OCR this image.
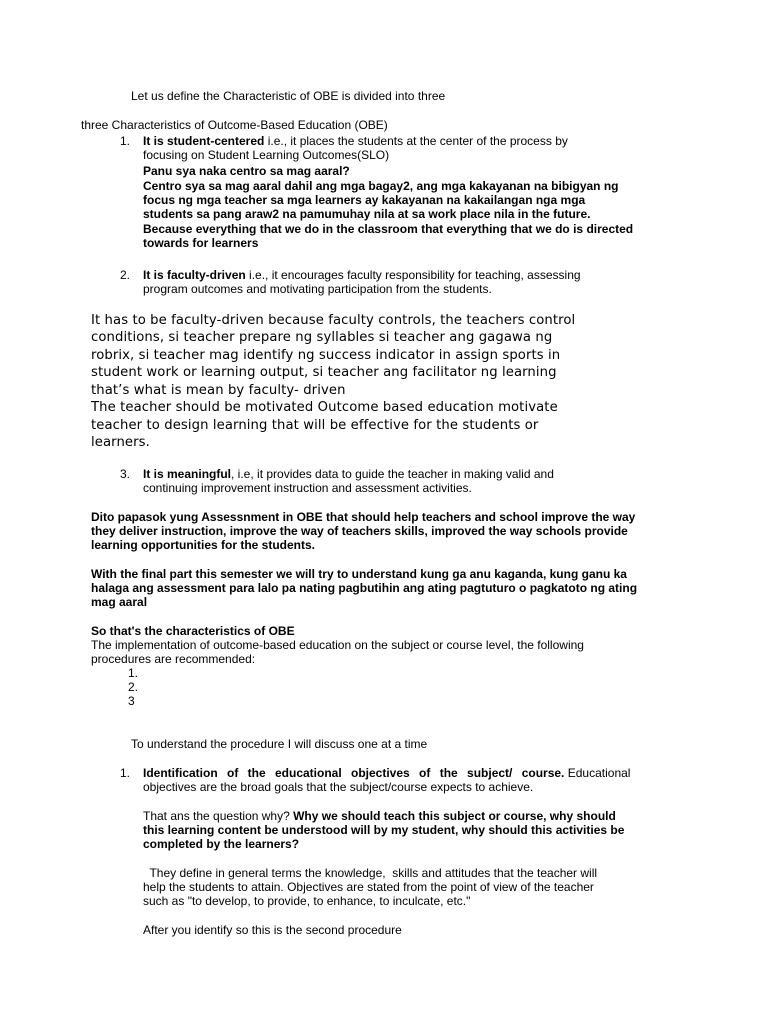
Let us define the Characteristic of OBE is divided into three
three Characteristics of Outcome-Based Education (OBE)
1. It is student-centered i.e., it places the students at the center of the process by
focusing on Student Learning Outcomes(SLO)
Panu sya naka centro sa mag aaral?
Centro sya sa mag aaral dahil ang mga bagay2, ang mga kakayanan na bibigyan ng
focus ng mga teacher sa mga learners ay kakayanan na kakailangan nga mga
students sa pang araw2 na pamumuhay nila at sa work place nila in the future.
Because everything that we do in the classroom that everything that we do is directed
towards for learners
2. It is faculty-driven i.e., it encourages faculty responsibility for teaching, assessing
program outcomes and motivating participation from the students.
It has to be faculty-driven because faculty controls, the teachers control
conditions, si teacher prepare ng syllables si teacher ang gagawa ng
robrix, si teacher mag identify ng success indicator in assign sports in
student work or learning output, si teacher ang facilitator ng learning
that’s what is mean by faculty- driven
The teacher should be motivated Outcome based education motivate
teacher to design learning that will be effective for the students or
learners.
3. It is meaningful, i.e, it provides data to guide the teacher in making valid and
continuing improvement instruction and assessment activities.
Dito papasok yung Assessnment in OBE that should help teachers and school improve the way
they deliver instruction, improve the way of teachers skills, improved the way schools provide
learning opportunities for the students.
With the final part this semester we will try to understand kung ga anu kaganda, kung ganu ka
halaga ang assessment para lalo pa nating pagbutihin ang ating pagtuturo o pagkatoto ng ating
mag aaral
So that's the characteristics of OBE
The implementation of outcome-based education on the subject or course level, the following
procedures are recommended:
1.
2.
3
To understand the procedure I will discuss one at a time
1. Identification of the educational objectives of the subject/ course. Educational
objectives are the broad goals that the subject/course expects to achieve.
That ans the question why? Why we should teach this subject or course, why should
this learning content be understood will by my student, why should this activities be
completed by the learners?
They define in general terms the knowledge,  skills and attitudes that the teacher will
help the students to attain. Objectives are stated from the point of view of the teacher
such as "to develop, to provide, to enhance, to inculcate, etc."
After you identify so this is the second procedure
